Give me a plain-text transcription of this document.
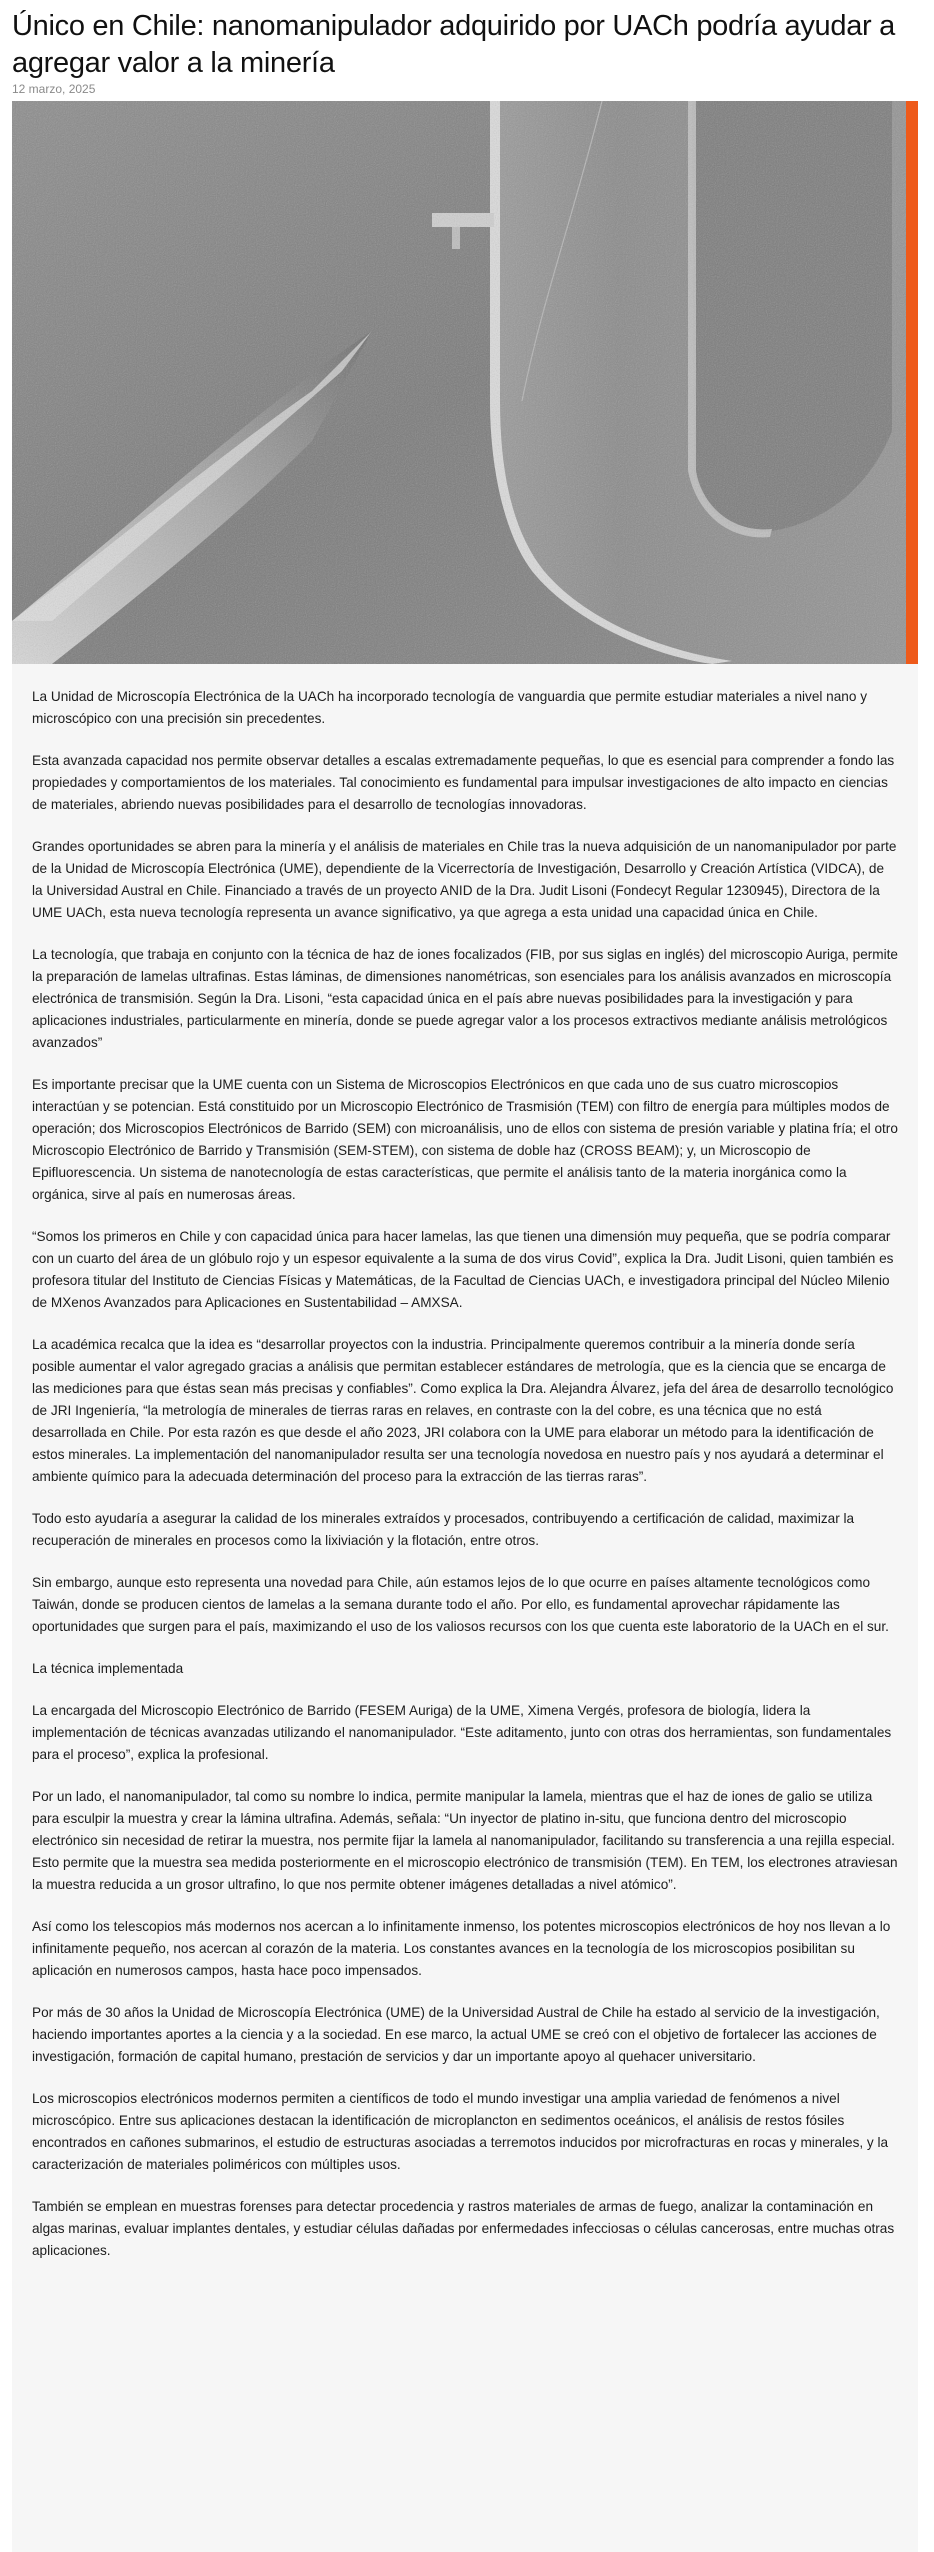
Único en Chile: nanomanipulador adquirido por UACh podría ayudar a agregar valor a la minería
12 marzo, 2025

La Unidad de Microscopía Electrónica de la UACh ha incorporado tecnología de vanguardia que permite estudiar materiales a nivel nano y microscópico con una precisión sin precedentes.

Esta avanzada capacidad nos permite observar detalles a escalas extremadamente pequeñas, lo que es esencial para comprender a fondo las propiedades y comportamientos de los materiales. Tal conocimiento es fundamental para impulsar investigaciones de alto impacto en ciencias de materiales, abriendo nuevas posibilidades para el desarrollo de tecnologías innovadoras.

Grandes oportunidades se abren para la minería y el análisis de materiales en Chile tras la nueva adquisición de un nanomanipulador por parte de la Unidad de Microscopía Electrónica (UME), dependiente de la Vicerrectoría de Investigación, Desarrollo y Creación Artística (VIDCA), de la Universidad Austral en Chile. Financiado a través de un proyecto ANID de la Dra. Judit Lisoni (Fondecyt Regular 1230945), Directora de la UME UACh, esta nueva tecnología representa un avance significativo, ya que agrega a esta unidad una capacidad única en Chile.

La tecnología, que trabaja en conjunto con la técnica de haz de iones focalizados (FIB, por sus siglas en inglés) del microscopio Auriga, permite la preparación de lamelas ultrafinas. Estas láminas, de dimensiones nanométricas, son esenciales para los análisis avanzados en microscopía electrónica de transmisión. Según la Dra. Lisoni, “esta capacidad única en el país abre nuevas posibilidades para la investigación y para aplicaciones industriales, particularmente en minería, donde se puede agregar valor a los procesos extractivos mediante análisis metrológicos avanzados”

Es importante precisar que la UME cuenta con un Sistema de Microscopios Electrónicos en que cada uno de sus cuatro microscopios interactúan y se potencian. Está constituido por un Microscopio Electrónico de Trasmisión (TEM) con filtro de energía para múltiples modos de operación; dos Microscopios Electrónicos de Barrido (SEM) con microanálisis, uno de ellos con sistema de presión variable y platina fría; el otro Microscopio Electrónico de Barrido y Transmisión (SEM-STEM), con sistema de doble haz (CROSS BEAM); y, un Microscopio de Epifluorescencia. Un sistema de nanotecnología de estas características, que permite el análisis tanto de la materia inorgánica como la orgánica, sirve al país en numerosas áreas.

“Somos los primeros en Chile y con capacidad única para hacer lamelas, las que tienen una dimensión muy pequeña, que se podría comparar con un cuarto del área de un glóbulo rojo y un espesor equivalente a la suma de dos virus Covid”, explica la Dra. Judit Lisoni, quien también es profesora titular del Instituto de Ciencias Físicas y Matemáticas, de la Facultad de Ciencias UACh, e investigadora principal del Núcleo Milenio de MXenos Avanzados para Aplicaciones en Sustentabilidad – AMXSA.

La académica recalca que la idea es “desarrollar proyectos con la industria. Principalmente queremos contribuir a la minería donde sería posible aumentar el valor agregado gracias a análisis que permitan establecer estándares de metrología, que es la ciencia que se encarga de las mediciones para que éstas sean más precisas y confiables”. Como explica la Dra. Alejandra Álvarez, jefa del área de desarrollo tecnológico de JRI Ingeniería, “la metrología de minerales de tierras raras en relaves, en contraste con la del cobre, es una técnica que no está desarrollada en Chile. Por esta razón es que desde el año 2023, JRI colabora con la UME para elaborar un método para la identificación de estos minerales. La implementación del nanomanipulador resulta ser una tecnología novedosa en nuestro país y nos ayudará a determinar el ambiente químico para la adecuada determinación del proceso para la extracción de las tierras raras”.

Todo esto ayudaría a asegurar la calidad de los minerales extraídos y procesados, contribuyendo a certificación de calidad, maximizar la recuperación de minerales en procesos como la lixiviación y la flotación, entre otros.

Sin embargo, aunque esto representa una novedad para Chile, aún estamos lejos de lo que ocurre en países altamente tecnológicos como Taiwán, donde se producen cientos de lamelas a la semana durante todo el año. Por ello, es fundamental aprovechar rápidamente las oportunidades que surgen para el país, maximizando el uso de los valiosos recursos con los que cuenta este laboratorio de la UACh en el sur.

La técnica implementada

La encargada del Microscopio Electrónico de Barrido (FESEM Auriga) de la UME, Ximena Vergés, profesora de biología, lidera la implementación de técnicas avanzadas utilizando el nanomanipulador. “Este aditamento, junto con otras dos herramientas, son fundamentales para el proceso”, explica la profesional.

Por un lado, el nanomanipulador, tal como su nombre lo indica, permite manipular la lamela, mientras que el haz de iones de galio se utiliza para esculpir la muestra y crear la lámina ultrafina. Además, señala: “Un inyector de platino in-situ, que funciona dentro del microscopio electrónico sin necesidad de retirar la muestra, nos permite fijar la lamela al nanomanipulador, facilitando su transferencia a una rejilla especial. Esto permite que la muestra sea medida posteriormente en el microscopio electrónico de transmisión (TEM). En TEM, los electrones atraviesan la muestra reducida a un grosor ultrafino, lo que nos permite obtener imágenes detalladas a nivel atómico”.

Así como los telescopios más modernos nos acercan a lo infinitamente inmenso, los potentes microscopios electrónicos de hoy nos llevan a lo infinitamente pequeño, nos acercan al corazón de la materia. Los constantes avances en la tecnología de los microscopios posibilitan su aplicación en numerosos campos, hasta hace poco impensados.

Por más de 30 años la Unidad de Microscopía Electrónica (UME) de la Universidad Austral de Chile ha estado al servicio de la investigación, haciendo importantes aportes a la ciencia y a la sociedad. En ese marco, la actual UME se creó con el objetivo de fortalecer las acciones de investigación, formación de capital humano, prestación de servicios y dar un importante apoyo al quehacer universitario.

Los microscopios electrónicos modernos permiten a científicos de todo el mundo investigar una amplia variedad de fenómenos a nivel microscópico. Entre sus aplicaciones destacan la identificación de microplancton en sedimentos oceánicos, el análisis de restos fósiles encontrados en cañones submarinos, el estudio de estructuras asociadas a terremotos inducidos por microfracturas en rocas y minerales, y la caracterización de materiales poliméricos con múltiples usos.

También se emplean en muestras forenses para detectar procedencia y rastros materiales de armas de fuego, analizar la contaminación en algas marinas, evaluar implantes dentales, y estudiar células dañadas por enfermedades infecciosas o células cancerosas, entre muchas otras aplicaciones.
